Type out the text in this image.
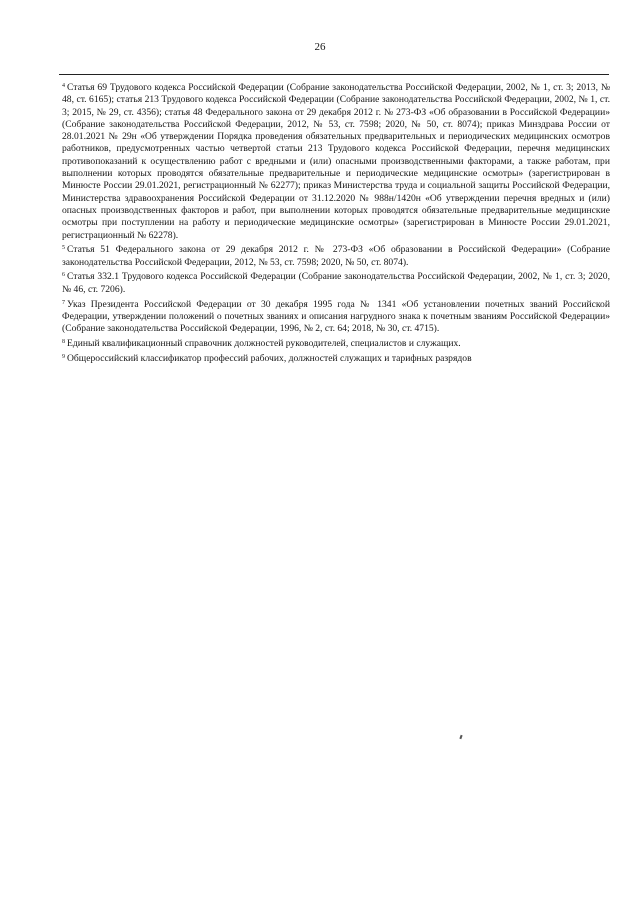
26

$^4$ Статья 69 Трудового кодекса Российской Федерации (Собрание законодательства Российской Федерации, 2002, № 1, ст. 3; 2013, № 48, ст. 6165); статья 213 Трудового кодекса Российской Федерации (Собрание законодательства Российской Федерации, 2002, № 1, ст. 3; 2015, № 29, ст. 4356); статья 48 Федерального закона от 29 декабря 2012 г. № 273-ФЗ «Об образовании в Российской Федерации» (Собрание законодательства Российской Федерации, 2012, № 53, ст. 7598; 2020, № 50, ст. 8074); приказ Минздрава России от 28.01.2021 № 29н «Об утверждении Порядка проведения обязательных предварительных и периодических медицинских осмотров работников, предусмотренных частью четвертой статьи 213 Трудового кодекса Российской Федерации, перечня медицинских противопоказаний к осуществлению работ с вредными и (или) опасными производственными факторами, а также работам, при выполнении которых проводятся обязательные предварительные и периодические медицинские осмотры» (зарегистрирован в Минюсте России 29.01.2021, регистрационный № 62277); приказ Министерства труда и социальной защиты Российской Федерации, Министерства здравоохранения Российской Федерации от 31.12.2020 № 988н/1420н «Об утверждении перечня вредных и (или) опасных производственных факторов и работ, при выполнении которых проводятся обязательные предварительные медицинские осмотры при поступлении на работу и периодические медицинские осмотры» (зарегистрирован в Минюсте России 29.01.2021, регистрационный № 62278).

$^5$ Статья 51 Федерального закона от 29 декабря 2012 г. № 273-ФЗ «Об образовании в Российской Федерации» (Собрание законодательства Российской Федерации, 2012, № 53, ст. 7598; 2020, № 50, ст. 8074).

$^6$ Статья 332.1 Трудового кодекса Российской Федерации (Собрание законодательства Российской Федерации, 2002, № 1, ст. 3; 2020, № 46, ст. 7206).

$^7$ Указ Президента Российской Федерации от 30 декабря 1995 года № 1341 «Об установлении почетных званий Российской Федерации, утверждении положений о почетных званиях и описания нагрудного знака к почетным званиям Российской Федерации» (Собрание законодательства Российской Федерации, 1996, № 2, ст. 64; 2018, № 30, ст. 4715).

$^8$ Единый квалификационный справочник должностей руководителей, специалистов и служащих.

$^9$ Общероссийский классификатор профессий рабочих, должностей служащих и тарифных разрядов
